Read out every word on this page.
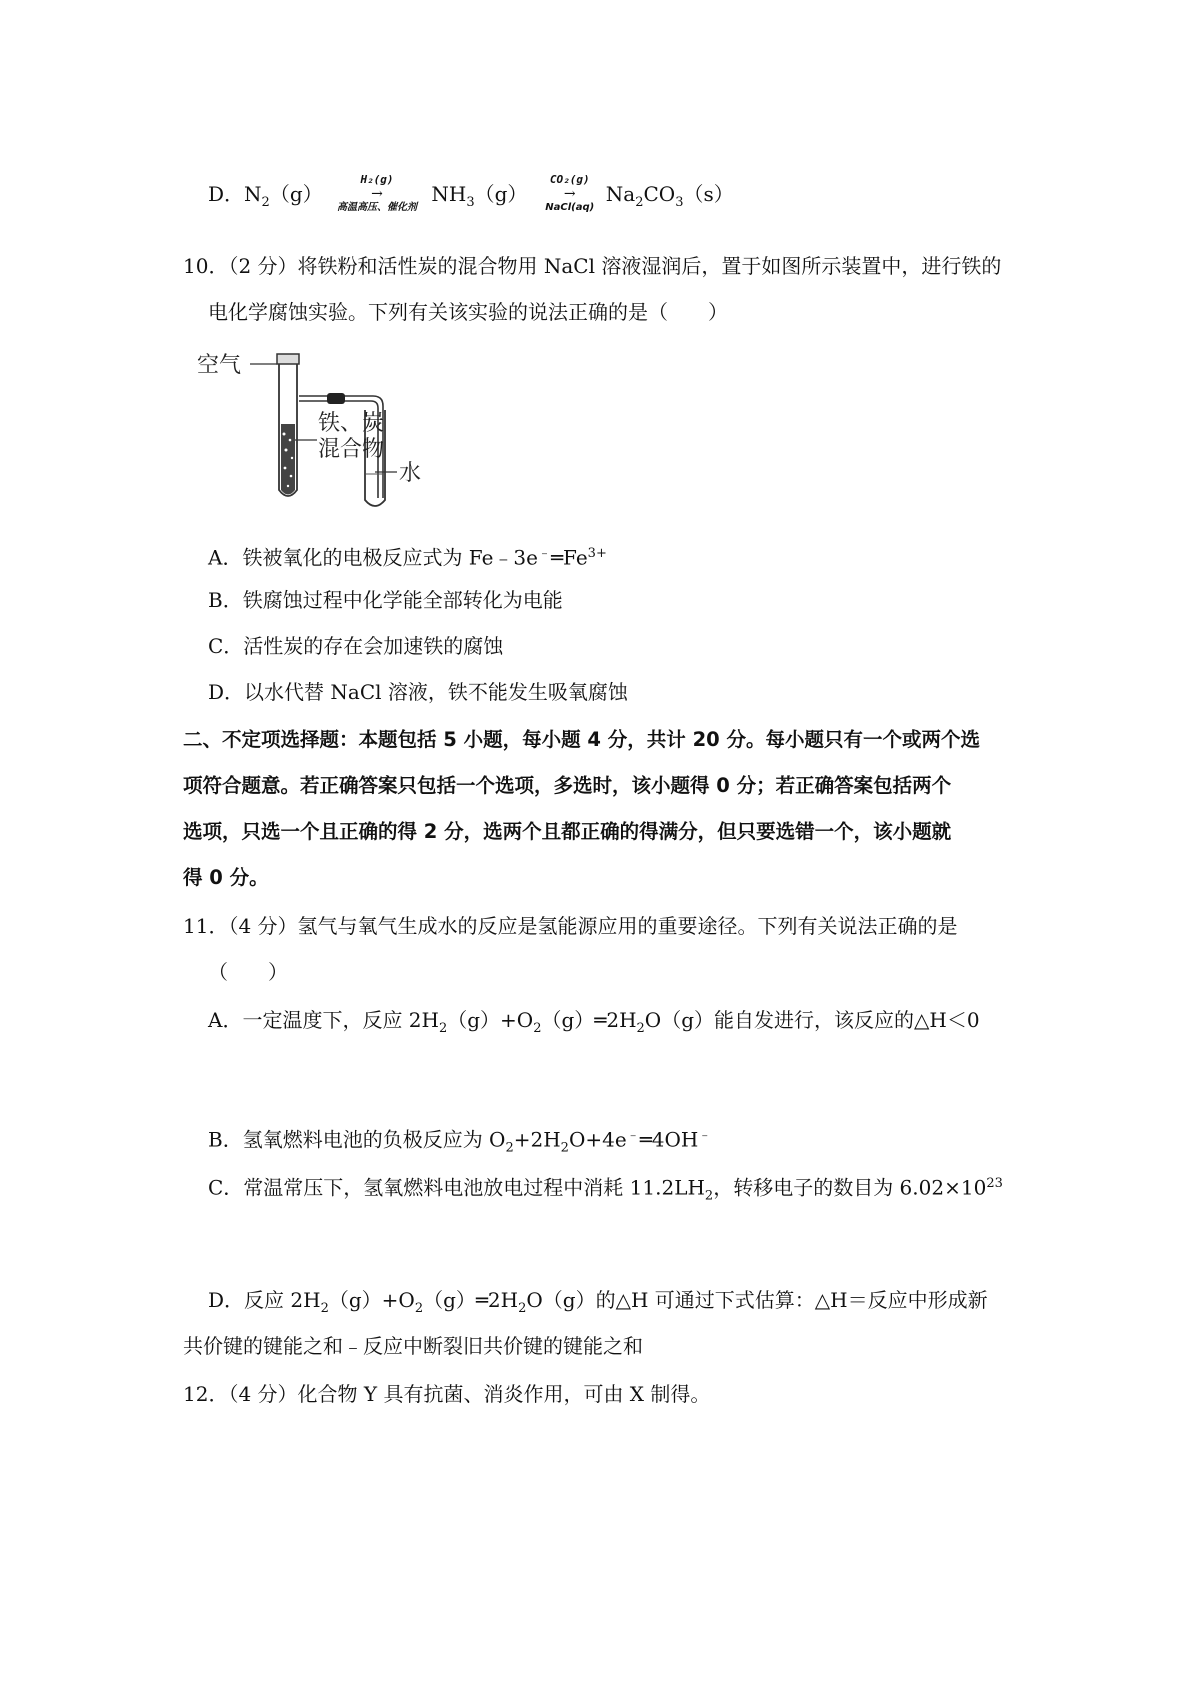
D．$N_2(g)$
H₂(g)
→
高温高压、催化剂
$NH_3(g)$
CO₂(g)
→
NaCl(aq)
$Na_2CO_3(s)$
10．（2 分）将铁粉和活性炭的混合物用 NaCl 溶液湿润后，置于如图所示装置中，进行铁的
电化学腐蚀实验。下列有关该实验的说法正确的是（　　）
空气
铁、炭
混合物
水
A．铁被氧化的电极反应式为 $Fe﹣3e^﹣═Fe^{3+}$
B．铁腐蚀过程中化学能全部转化为电能
C．活性炭的存在会加速铁的腐蚀
D．以水代替 NaCl 溶液，铁不能发生吸氧腐蚀
二、不定项选择题：本题包括 5 小题，每小题 4 分，共计 20 分。每小题只有一个或两个选
项符合题意。若正确答案只包括一个选项，多选时，该小题得 0 分；若正确答案包括两个
选项，只选一个且正确的得 2 分，选两个且都正确的得满分，但只要选错一个，该小题就
得 0 分。
11．（4 分）氢气与氧气生成水的反应是氢能源应用的重要途径。下列有关说法正确的是
（　　）
A．一定温度下，反应 $2H_2(g)+O_2(g)═2H_2O(g)$能自发进行，该反应的△H＜0
B．氢氧燃料电池的负极反应为 $O_2+2H_2O+4e^﹣═4OH^﹣$
C．常温常压下，氢氧燃料电池放电过程中消耗 $11.2LH_2$，转移电子的数目为 $6.02\times 10^{23}$
D．反应 $2H_2(g)+O_2(g)═2H_2O(g)$的△H 可通过下式估算：△H＝反应中形成新
共价键的键能之和﹣反应中断裂旧共价键的键能之和
12．（4 分）化合物 Y 具有抗菌、消炎作用，可由 X 制得。
